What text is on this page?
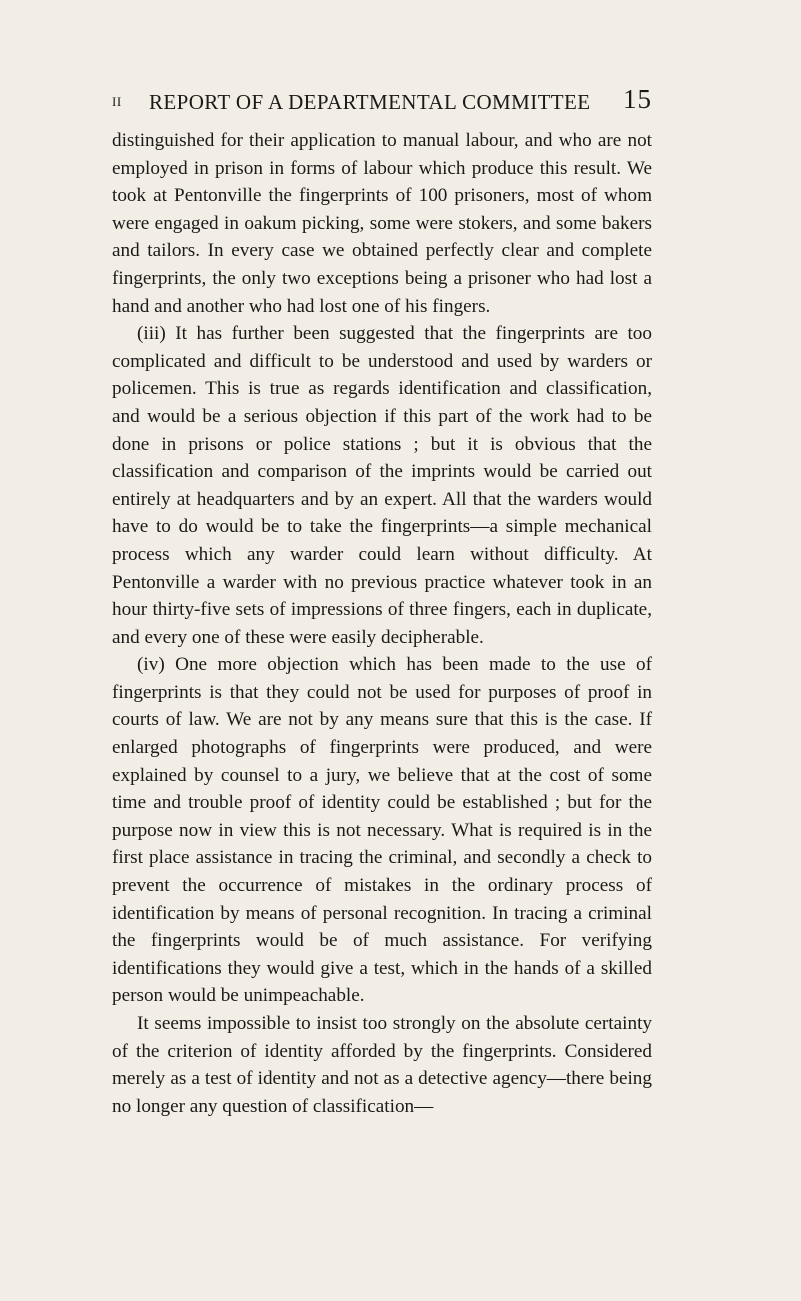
II REPORT OF A DEPARTMENTAL COMMITTEE 15

distinguished for their application to manual labour, and who are not employed in prison in forms of labour which produce this result. We took at Pentonville the fingerprints of 100 prisoners, most of whom were engaged in oakum picking, some were stokers, and some bakers and tailors. In every case we obtained perfectly clear and complete fingerprints, the only two exceptions being a prisoner who had lost a hand and another who had lost one of his fingers.

(iii) It has further been suggested that the fingerprints are too complicated and difficult to be understood and used by warders or policemen. This is true as regards identification and classification, and would be a serious objection if this part of the work had to be done in prisons or police stations ; but it is obvious that the classification and comparison of the imprints would be carried out entirely at headquarters and by an expert. All that the warders would have to do would be to take the fingerprints—a simple mechanical process which any warder could learn without difficulty. At Pentonville a warder with no previous practice whatever took in an hour thirty-five sets of impressions of three fingers, each in duplicate, and every one of these were easily decipherable.

(iv) One more objection which has been made to the use of fingerprints is that they could not be used for purposes of proof in courts of law. We are not by any means sure that this is the case. If enlarged photographs of fingerprints were produced, and were explained by counsel to a jury, we believe that at the cost of some time and trouble proof of identity could be established ; but for the purpose now in view this is not necessary. What is required is in the first place assistance in tracing the criminal, and secondly a check to prevent the occurrence of mistakes in the ordinary process of identification by means of personal recognition. In tracing a criminal the fingerprints would be of much assistance. For verifying identifications they would give a test, which in the hands of a skilled person would be unimpeachable.

It seems impossible to insist too strongly on the absolute certainty of the criterion of identity afforded by the fingerprints. Considered merely as a test of identity and not as a detective agency—there being no longer any question of classification—
